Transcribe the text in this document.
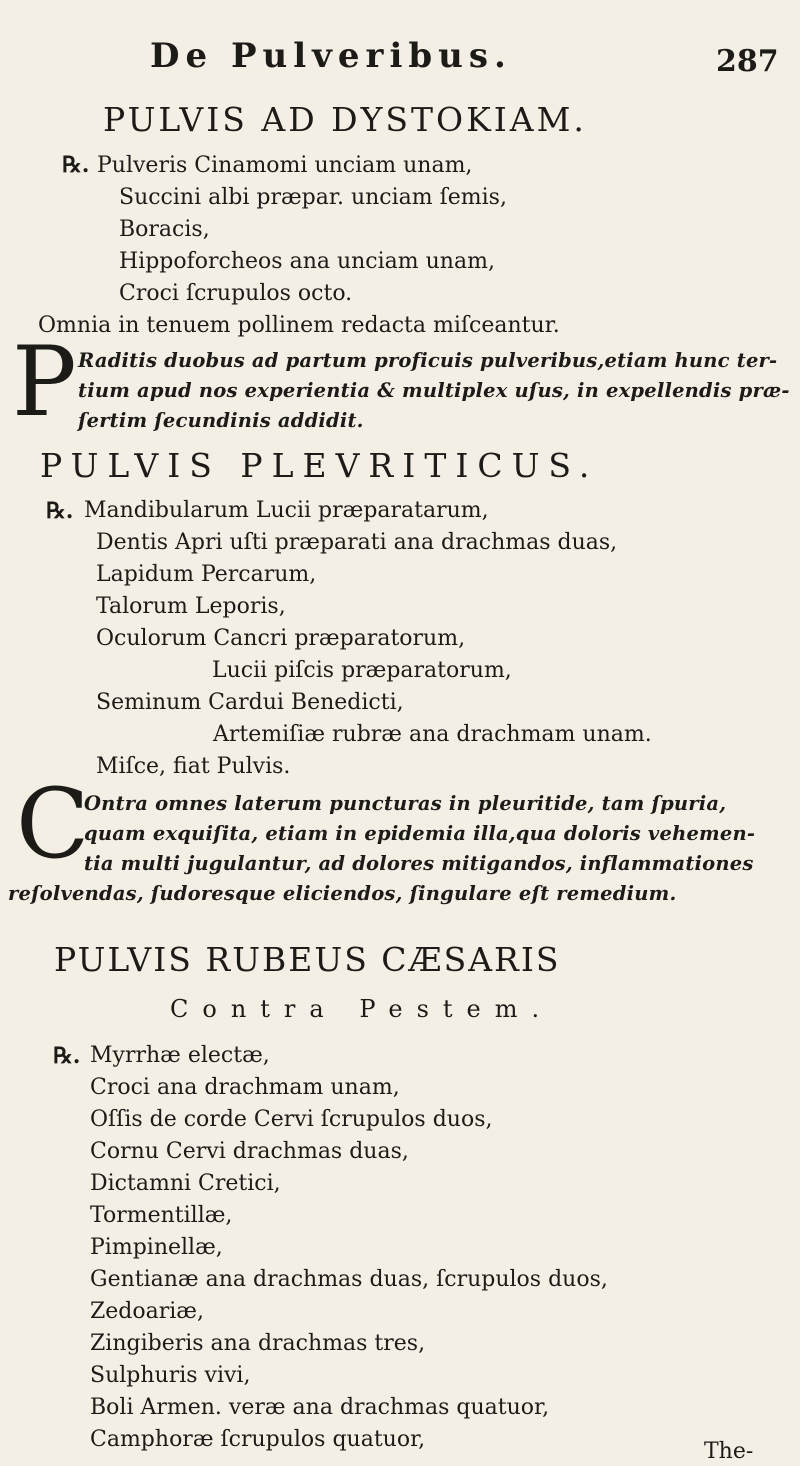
De Pulveribus.	287
PULVIS AD DYSTOKIAM.
℞. Pulveris Cinamomi unciam unam,
Succini albi præpar. unciam ſemis,
Boracis,
Hippoforcheos ana unciam unam,
Croci ſcrupulos octo.
Omnia in tenuem pollinem redacta miſceantur.
P Raditis duobus ad partum proficuis pulveribus,etiam hunc ter-
tium apud nos experientia & multiplex uſus, in expellendis præ-
ſertim ſecundinis addidit.
PULVIS PLEVRITICUS.
℞. Mandibularum Lucii præparatarum,
Dentis Apri uſti præparati ana drachmas duas,
Lapidum Percarum,
Talorum Leporis,
Oculorum Cancri præparatorum,
Lucii piſcis præparatorum,
Seminum Cardui Benedicti,
Artemiſiæ rubræ ana drachmam unam.
Miſce, fiat Pulvis.
C
Ontra omnes laterum puncturas in pleuritide, tam ſpuria,
quam exquiſita, etiam in epidemia illa,qua doloris vehemen-
tia multi jugulantur, ad dolores mitigandos, inflammationes
reſolvendas, ſudoresque eliciendos, ſingulare eſt remedium.
PULVIS RUBEUS CÆSARIS
Contra Pestem.
℞. Myrrhæ electæ,
Croci ana drachmam unam,
Oſſis de corde Cervi ſcrupulos duos,
Cornu Cervi drachmas duas,
Dictamni Cretici,
Tormentillæ,
Pimpinellæ,
Gentianæ ana drachmas duas, ſcrupulos duos,
Zedoariæ,
Zingiberis ana drachmas tres,
Sulphuris vivi,
Boli Armen. veræ ana drachmas quatuor,
Camphoræ ſcrupulos quatuor,	The-
